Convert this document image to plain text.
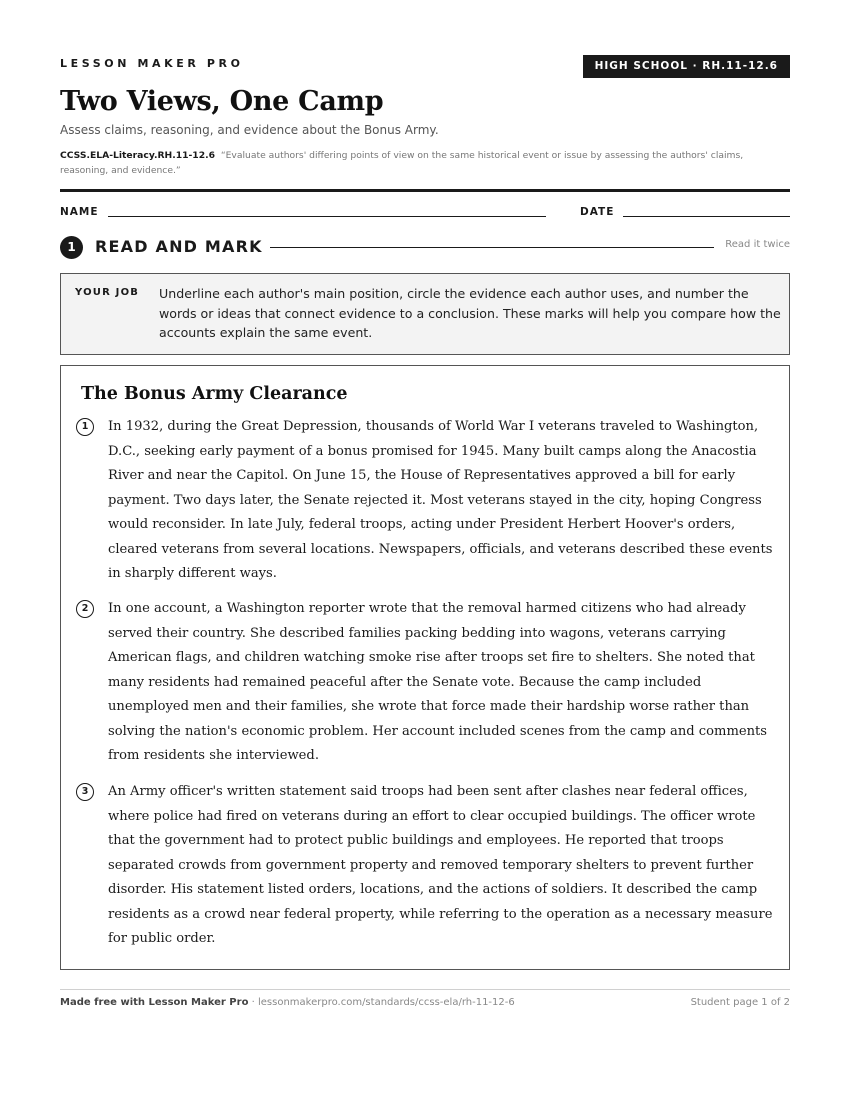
LESSON MAKER PRO	HIGH SCHOOL · RH.11-12.6
Two Views, One Camp
Assess claims, reasoning, and evidence about the Bonus Army.
CCSS.ELA-Literacy.RH.11-12.6 “Evaluate authors' differing points of view on the same historical event or issue by assessing the authors' claims, reasoning, and evidence.”
NAME	DATE
1	READ AND MARK	Read it twice
YOUR JOB Underline each author's main position, circle the evidence each author uses, and number the words or ideas that connect evidence to a conclusion. These marks will help you compare how the accounts explain the same event.
The Bonus Army Clearance
1	In 1932, during the Great Depression, thousands of World War I veterans traveled to Washington, D.C., seeking early payment of a bonus promised for 1945. Many built camps along the Anacostia River and near the Capitol. On June 15, the House of Representatives approved a bill for early payment. Two days later, the Senate rejected it. Most veterans stayed in the city, hoping Congress would reconsider. In late July, federal troops, acting under President Herbert Hoover's orders, cleared veterans from several locations. Newspapers, officials, and veterans described these events in sharply different ways.
2	In one account, a Washington reporter wrote that the removal harmed citizens who had already served their country. She described families packing bedding into wagons, veterans carrying American flags, and children watching smoke rise after troops set fire to shelters. She noted that many residents had remained peaceful after the Senate vote. Because the camp included unemployed men and their families, she wrote that force made their hardship worse rather than solving the nation's economic problem. Her account included scenes from the camp and comments from residents she interviewed.
3	An Army officer's written statement said troops had been sent after clashes near federal offices, where police had fired on veterans during an effort to clear occupied buildings. The officer wrote that the government had to protect public buildings and employees. He reported that troops separated crowds from government property and removed temporary shelters to prevent further disorder. His statement listed orders, locations, and the actions of soldiers. It described the camp residents as a crowd near federal property, while referring to the operation as a necessary measure for public order.
Made free with Lesson Maker Pro · lessonmakerpro.com/standards/ccss-ela/rh-11-12-6	Student page 1 of 2
